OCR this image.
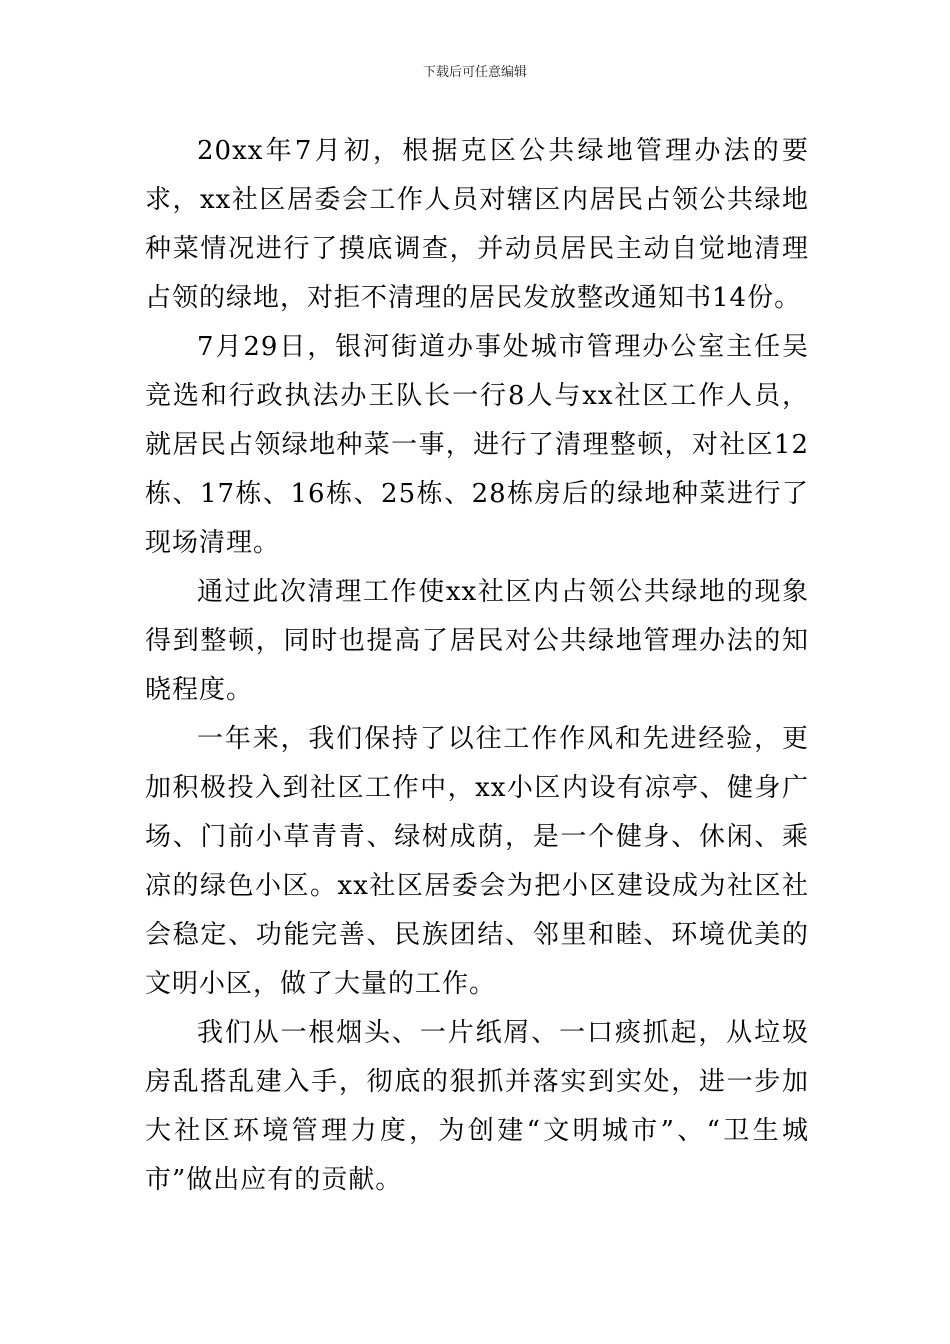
下载后可任意编辑

20xx年7月初，根据克区公共绿地管理办法的要求，xx社区居委会工作人员对辖区内居民占领公共绿地种菜情况进行了摸底调查，并动员居民主动自觉地清理占领的绿地，对拒不清理的居民发放整改通知书14份。

7月29日，银河街道办事处城市管理办公室主任吴竞选和行政执法办王队长一行8人与xx社区工作人员，就居民占领绿地种菜一事，进行了清理整顿，对社区12栋、17栋、16栋、25栋、28栋房后的绿地种菜进行了现场清理。

通过此次清理工作使xx社区内占领公共绿地的现象得到整顿，同时也提高了居民对公共绿地管理办法的知晓程度。

一年来，我们保持了以往工作作风和先进经验，更加积极投入到社区工作中，xx小区内设有凉亭、健身广场、门前小草青青、绿树成荫，是一个健身、休闲、乘凉的绿色小区。xx社区居委会为把小区建设成为社区社会稳定、功能完善、民族团结、邻里和睦、环境优美的文明小区，做了大量的工作。

我们从一根烟头、一片纸屑、一口痰抓起，从垃圾房乱搭乱建入手，彻底的狠抓并落实到实处，进一步加大社区环境管理力度，为创建“文明城市”、“卫生城市”做出应有的贡献。
